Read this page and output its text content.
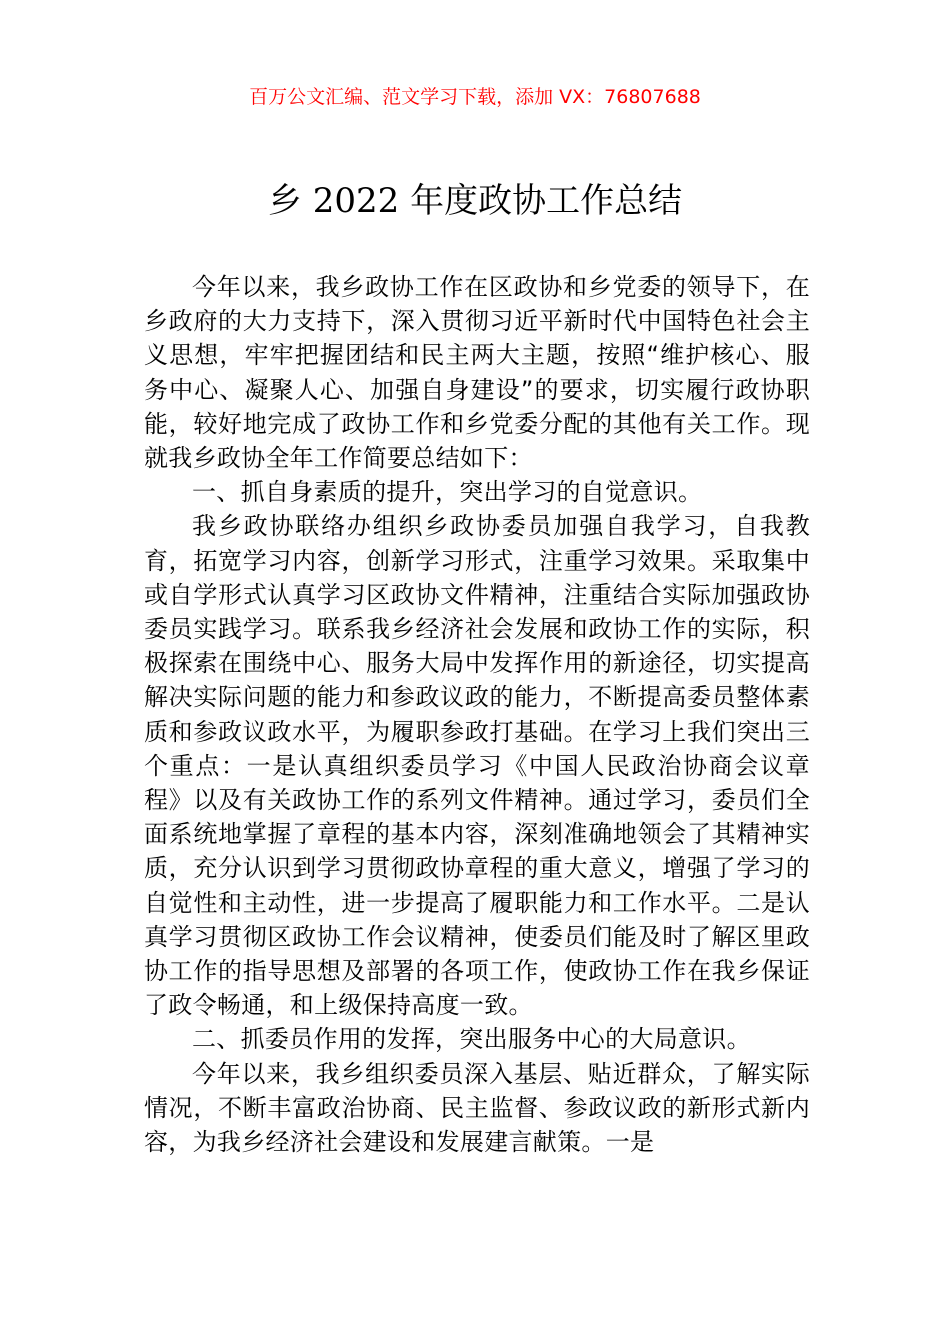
百万公文汇编、范文学习下载，添加 VX：76807688
乡 2022 年度政协工作总结

今年以来，我乡政协工作在区政协和乡党委的领导下，在乡政府的大力支持下，深入贯彻习近平新时代中国特色社会主义思想，牢牢把握团结和民主两大主题，按照“维护核心、服务中心、凝聚人心、加强自身建设”的要求，切实履行政协职能，较好地完成了政协工作和乡党委分配的其他有关工作。现就我乡政协全年工作简要总结如下：

一、抓自身素质的提升，突出学习的自觉意识。

我乡政协联络办组织乡政协委员加强自我学习，自我教育，拓宽学习内容，创新学习形式，注重学习效果。采取集中或自学形式认真学习区政协文件精神，注重结合实际加强政协委员实践学习。联系我乡经济社会发展和政协工作的实际，积极探索在围绕中心、服务大局中发挥作用的新途径，切实提高解决实际问题的能力和参政议政的能力，不断提高委员整体素质和参政议政水平，为履职参政打基础。在学习上我们突出三个重点：一是认真组织委员学习《中国人民政治协商会议章程》以及有关政协工作的系列文件精神。通过学习，委员们全面系统地掌握了章程的基本内容，深刻准确地领会了其精神实质，充分认识到学习贯彻政协章程的重大意义，增强了学习的自觉性和主动性，进一步提高了履职能力和工作水平。二是认真学习贯彻区政协工作会议精神，使委员们能及时了解区里政协工作的指导思想及部署的各项工作，使政协工作在我乡保证了政令畅通，和上级保持高度一致。

二、抓委员作用的发挥，突出服务中心的大局意识。

今年以来，我乡组织委员深入基层、贴近群众，了解实际情况，不断丰富政治协商、民主监督、参政议政的新形式新内容，为我乡经济社会建设和发展建言献策。一是
